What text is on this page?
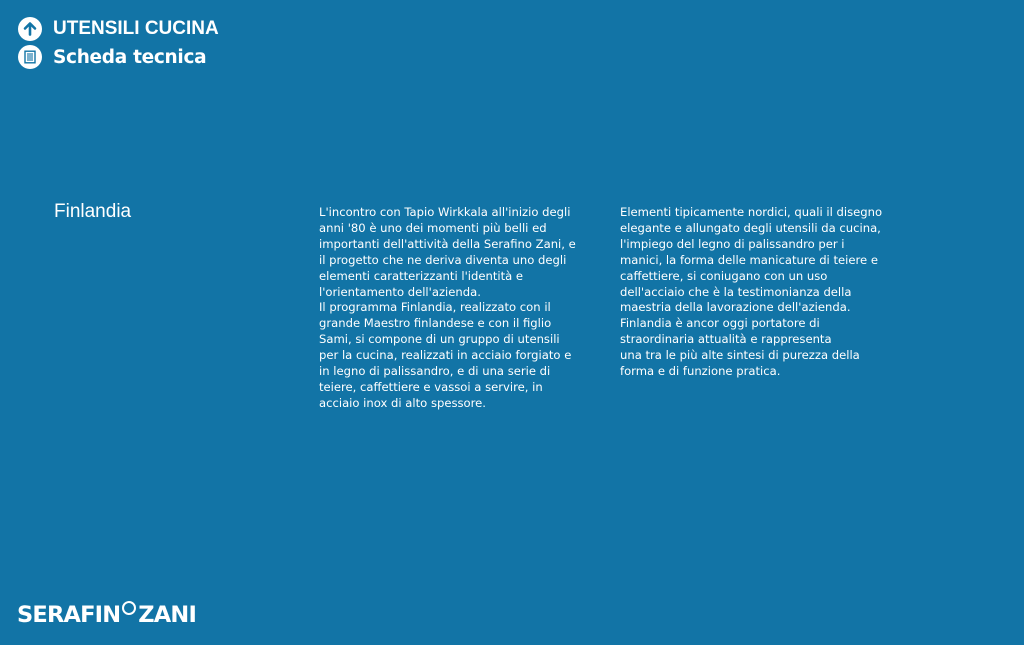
UTENSILI CUCINA
Scheda tecnica
Finlandia	L'incontro con Tapio Wirkkala all'inizio degli
anni '80 è uno dei momenti più belli ed
importanti dell'attività della Serafino Zani, e
il progetto che ne deriva diventa uno degli
elementi caratterizzanti l'identità e
l'orientamento dell'azienda.
Il programma Finlandia, realizzato con il
grande Maestro finlandese e con il figlio
Sami, si compone di un gruppo di utensili
per la cucina, realizzati in acciaio forgiato e
in legno di palissandro, e di una serie di
teiere, caffettiere e vassoi a servire, in
acciaio inox di alto spessore.

Elementi tipicamente nordici, quali il disegno
elegante e allungato degli utensili da cucina,
l'impiego del legno di palissandro per i
manici, la forma delle manicature di teiere e
caffettiere, si coniugano con un uso
dell'acciaio che è la testimonianza della
maestria della lavorazione dell'azienda.
Finlandia è ancor oggi portatore di
straordinaria attualità e rappresenta
una tra le più alte sintesi di purezza della
forma e di funzione pratica.

SERAFIN ZANI
